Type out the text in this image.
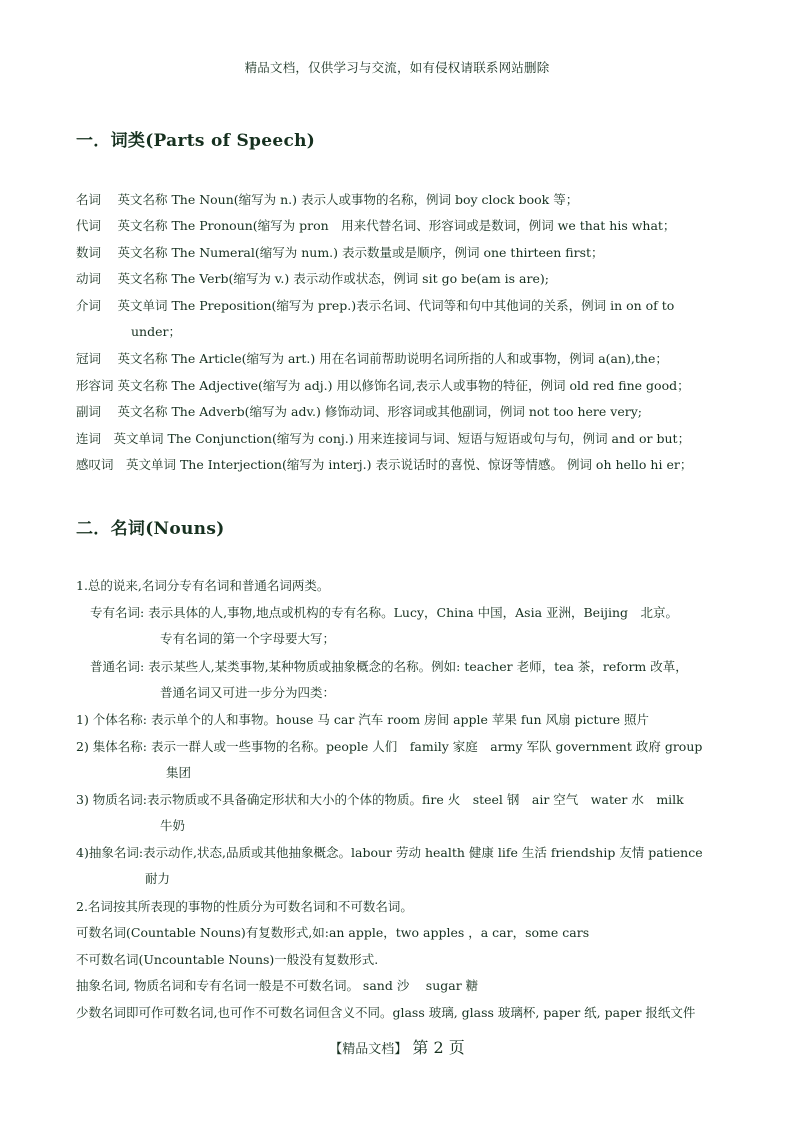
精品文档，仅供学习与交流，如有侵权请联系网站删除
一．词类(Parts of Speech)
名词　 英文名称 The Noun(缩写为 n.) 表示人或事物的名称，例词 boy clock book 等；
代词　 英文名称 The Pronoun(缩写为 pron　用来代替名词、形容词或是数词，例词 we that his what；
数词　 英文名称 The Numeral(缩写为 num.) 表示数量或是顺序，例词 one thirteen first；
动词　 英文名称 The Verb(缩写为 v.) 表示动作或状态，例词 sit go be(am is are);
介词　 英文单词 The Preposition(缩写为 prep.)表示名词、代词等和句中其他词的关系，例词 in on of to
under；
冠词　 英文名称 The Article(缩写为 art.) 用在名词前帮助说明名词所指的人和或事物，例词 a(an),the；
形容词 英文名称 The Adjective(缩写为 adj.) 用以修饰名词,表示人或事物的特征，例词 old red fine good；
副词　 英文名称 The Adverb(缩写为 adv.) 修饰动词、形容词或其他副词，例词 not too here very;
连词　英文单词 The Conjunction(缩写为 conj.) 用来连接词与词、短语与短语或句与句，例词 and or but；
感叹词　英文单词 The Interjection(缩写为 interj.) 表示说话时的喜悦、惊讶等情感。 例词 oh hello hi er；
二．名词(Nouns)
1.总的说来,名词分专有名词和普通名词两类。
专有名词: 表示具体的人,事物,地点或机构的专有名称。Lucy，China 中国，Asia 亚洲，Beijing　北京。
专有名词的第一个字母要大写；
普通名词: 表示某些人,某类事物,某种物质或抽象概念的名称。例如: teacher 老师，tea 茶，reform 改革，
普通名词又可进一步分为四类：
1) 个体名称: 表示单个的人和事物。house 马 car 汽车 room 房间 apple 苹果 fun 风扇 picture 照片
2) 集体名称: 表示一群人或一些事物的名称。people 人们　family 家庭　army 军队 government 政府 group
集团
3) 物质名词:表示物质或不具备确定形状和大小的个体的物质。fire 火　steel 钢　air 空气　water 水　milk
牛奶
4)抽象名词:表示动作,状态,品质或其他抽象概念。labour 劳动 health 健康 life 生活 friendship 友情 patience
耐力
2.名词按其所表现的事物的性质分为可数名词和不可数名词。
可数名词(Countable Nouns)有复数形式,如:an apple，two apples ，a car，some cars
不可数名词(Uncountable Nouns)一般没有复数形式.
抽象名词, 物质名词和专有名词一般是不可数名词。 sand 沙　 sugar 糖
少数名词即可作可数名词,也可作不可数名词但含义不同。glass 玻璃, glass 玻璃杯, paper 纸, paper 报纸文件
【精品文档】 第 2 页
